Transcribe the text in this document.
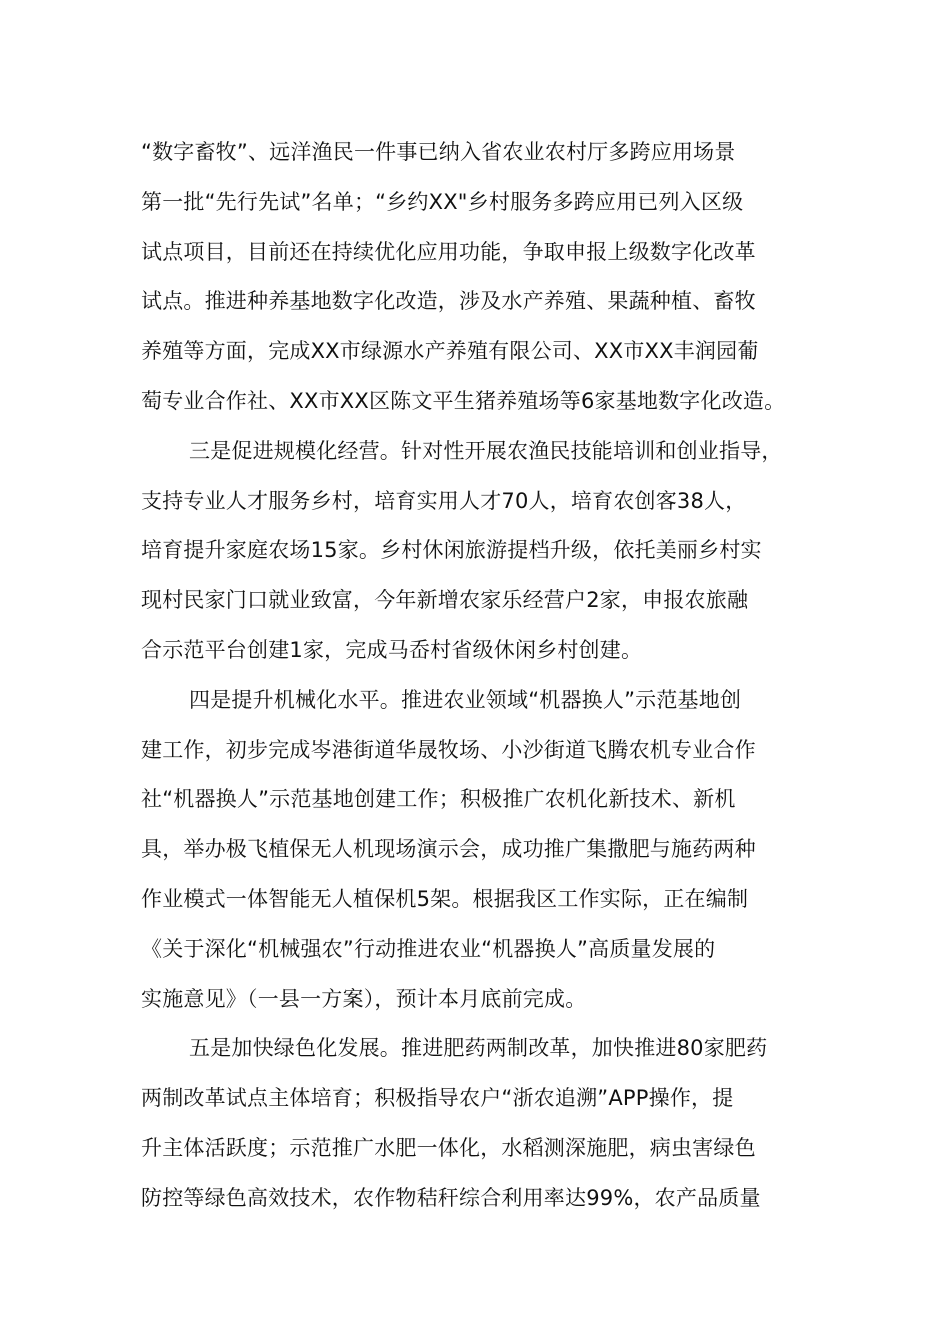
“数字畜牧”、远洋渔民一件事已纳入省农业农村厅多跨应用场景
第一批“先行先试”名单；“乡约XX"乡村服务多跨应用已列入区级
试点项目，目前还在持续优化应用功能，争取申报上级数字化改革
试点。推进种养基地数字化改造，涉及水产养殖、果蔬种植、畜牧
养殖等方面，完成XX市绿源水产养殖有限公司、XX市XX丰润园葡
萄专业合作社、XX市XX区陈文平生猪养殖场等6家基地数字化改造。

三是促进规模化经营。针对性开展农渔民技能培训和创业指导，
支持专业人才服务乡村，培育实用人才70人，培育农创客38人，
培育提升家庭农场15家。乡村休闲旅游提档升级，依托美丽乡村实
现村民家门口就业致富，今年新增农家乐经营户2家，申报农旅融
合示范平台创建1家，完成马岙村省级休闲乡村创建。

四是提升机械化水平。推进农业领域“机器换人”示范基地创
建工作，初步完成岑港街道华晟牧场、小沙街道飞腾农机专业合作
社“机器换人”示范基地创建工作；积极推广农机化新技术、新机
具，举办极飞植保无人机现场演示会，成功推广集撒肥与施药两种
作业模式一体智能无人植保机5架。根据我区工作实际，正在编制
《关于深化“机械强农”行动推进农业“机器换人”高质量发展的
实施意见》（一县一方案），预计本月底前完成。

五是加快绿色化发展。推进肥药两制改革，加快推进80家肥药
两制改革试点主体培育；积极指导农户“浙农追溯”APP操作，提
升主体活跃度；示范推广水肥一体化，水稻测深施肥，病虫害绿色
防控等绿色高效技术，农作物秸秆综合利用率达99%，农产品质量
